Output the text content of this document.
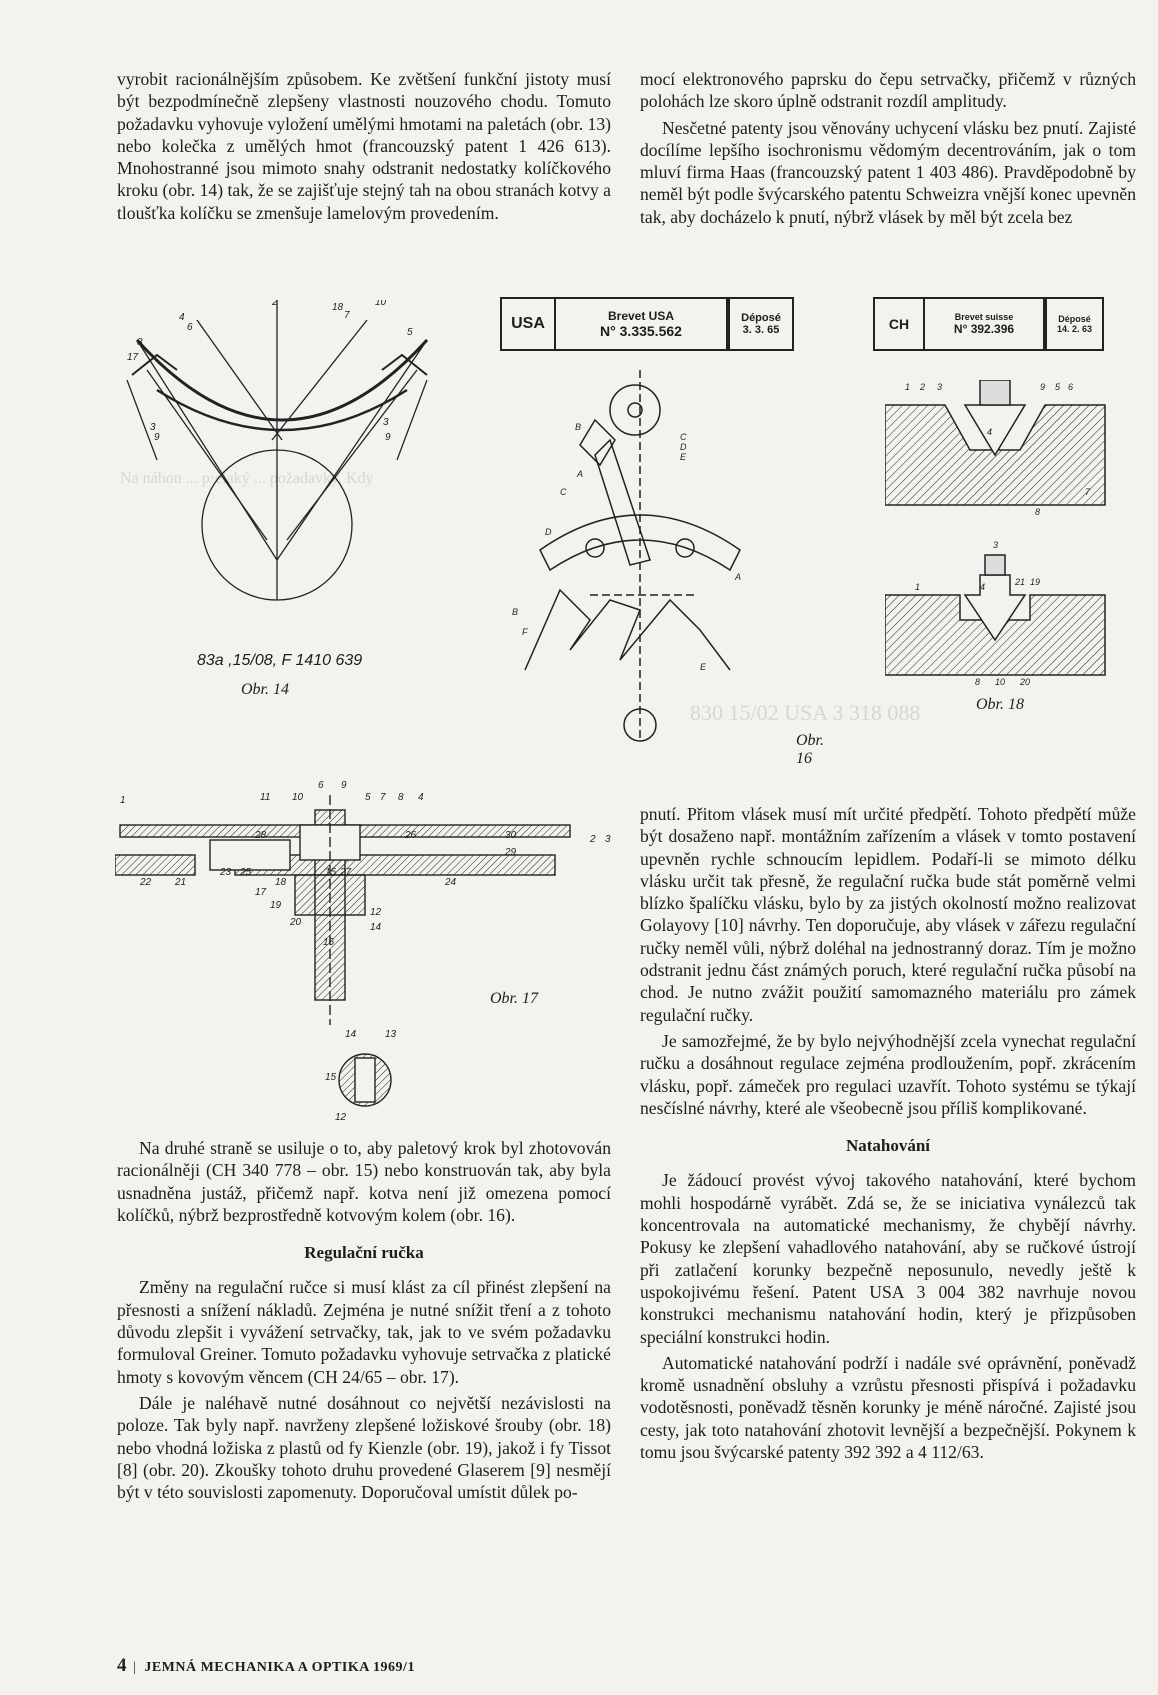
Na náhon ... p·elaký ... požadavky. Kdy
830 15/02 USA 3 318 088

vyrobit racionálnějším způsobem. Ke zvětšení funkční jistoty musí být bezpodmínečně zlepšeny vlastnosti nouzového chodu. Tomuto požadavku vyhovuje vyložení umělými hmotami na paletách (obr. 13) nebo kolečka z umělých hmot (francouzský patent 1 426 613). Mnohostranné jsou mimoto snahy odstranit nedostatky kolíčkového kroku (obr. 14) tak, že se zajišťuje stejný tah na obou stranách kotvy a tloušťka kolíčku se zmenšuje lamelovým provedením.

mocí elektronového paprsku do čepu setrvačky, přičemž v různých polohách lze skoro úplně odstranit rozdíl amplitudy.

Nesčetné patenty jsou věnovány uchycení vlásku bez pnutí. Zajisté docílíme lepšího isochronismu vědomým decentrováním, jak o tom mluví firma Haas (francouzský patent 1 403 486). Pravděpodobně by neměl být podle švýcarského patentu Schweizra vnější konec upevněn tak, aby docházelo k pnutí, nýbrž vlásek by měl být zcela bez

2
4
6
18
7
10
8
17
5
3
9
3
9
83a ,15/08, F 1410 639
Obr. 14
USA	Brevet USA
N° 3.335.562
Déposé
3. 3. 65
B
C
D
E
C
D
B
F
A
E
A
Obr. 16
CH	Brevet suisse
N° 392.396
Déposé
14. 2. 63
1 2 3	9 5 6
4
7
8
3
1	4	21 19
8 10 20
Obr. 18
6 9
11 10	5 7 8 4
1
2 3
28	26	30
29
22 21
23 25
18
17
19
15 27
24
12
14
20
16
14	13
15
12
Obr. 17

Na druhé straně se usiluje o to, aby paletový krok byl zhotovován racionálněji (CH 340 778 – obr. 15) nebo konstruován tak, aby byla usnadněna justáž, přičemž např. kotva není již omezena pomocí kolíčků, nýbrž bezprostředně kotvovým kolem (obr. 16).

Regulační ručka

Změny na regulační ručce si musí klást za cíl přinést zlepšení na přesnosti a snížení nákladů. Zejména je nutné snížit tření a z tohoto důvodu zlepšit i vyvážení setrvačky, tak, jak to ve svém požadavku formuloval Greiner. Tomuto požadavku vyhovuje setrvačka z platické hmoty s kovovým věncem (CH 24/65 – obr. 17).

Dále je naléhavě nutné dosáhnout co největší nezávislosti na poloze. Tak byly např. navrženy zlepšené ložiskové šrouby (obr. 18) nebo vhodná ložiska z plastů od fy Kienzle (obr. 19), jakož i fy Tissot [8] (obr. 20). Zkoušky tohoto druhu provedené Glaserem [9] nesmějí být v této souvislosti zapomenuty. Doporučoval umístit důlek po-

pnutí. Přitom vlásek musí mít určité předpětí. Tohoto předpětí může být dosaženo např. montážním zařízením a vlásek v tomto postavení upevněn rychle schnoucím lepidlem. Podaří-li se mimoto délku vlásku určit tak přesně, že regulační ručka bude stát poměrně velmi blízko špalíčku vlásku, bylo by za jistých okolností možno realizovat Golayovy [10] návrhy. Ten doporučuje, aby vlásek v zářezu regulační ručky neměl vůli, nýbrž doléhal na jednostranný doraz. Tím je možno odstranit jednu část známých poruch, které regulační ručka působí na chod. Je nutno zvážit použití samomazného materiálu pro zámek regulační ručky.

Je samozřejmé, že by bylo nejvýhodnější zcela vynechat regulační ručku a dosáhnout regulace zejména prodloužením, popř. zkrácením vlásku, popř. zámeček pro regulaci uzavřít. Tohoto systému se týkají nesčíslné návrhy, které ale všeobecně jsou příliš komplikované.

Natahování

Je žádoucí provést vývoj takového natahování, které bychom mohli hospodárně vyrábět. Zdá se, že se iniciativa vynálezců tak koncentrovala na automatické mechanismy, že chybějí návrhy. Pokusy ke zlepšení vahadlového natahování, aby se ručkové ústrojí při zatlačení korunky bezpečně neposunulo, nevedly ještě k uspokojivému řešení. Patent USA 3 004 382 navrhuje novou konstrukci mechanismu natahování hodin, který je přizpůsoben speciální konstrukci hodin.

Automatické natahování podrží i nadále své oprávnění, poněvadž kromě usnadnění obsluhy a vzrůstu přesnosti přispívá i požadavku vodotěsnosti, poněvadž těsněn korunky je méně náročné. Zajisté jsou cesty, jak toto natahování zhotovit levnější a bezpečnější. Pokynem k tomu jsou švýcarské patenty 392 392 a 4 112/63.

4 | JEMNÁ MECHANIKA A OPTIKA 1969/1
